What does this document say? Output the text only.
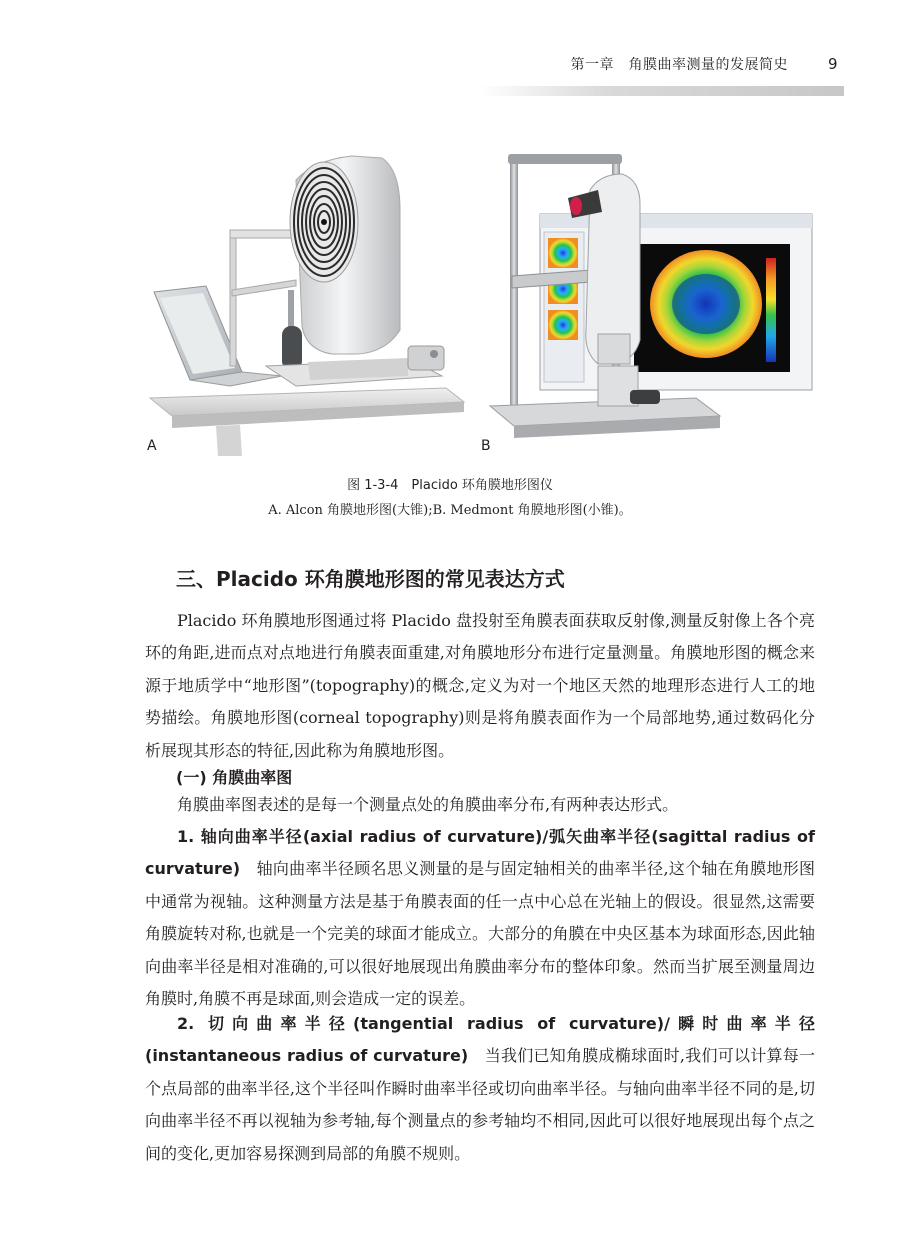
第一章　角膜曲率测量的发展简史	9
A	B
图 1-3-4　Placido 环角膜地形图仪
A. Alcon 角膜地形图(大锥);B. Medmont 角膜地形图(小锥)。
三、Placido 环角膜地形图的常见表达方式
Placido 环角膜地形图通过将 Placido 盘投射至角膜表面获取反射像,测量反射像上各个亮环的角距,进而点对点地进行角膜表面重建,对角膜地形分布进行定量测量。角膜地形图的概念来源于地质学中“地形图”(topography)的概念,定义为对一个地区天然的地理形态进行人工的地势描绘。角膜地形图(corneal topography)则是将角膜表面作为一个局部地势,通过数码化分析展现其形态的特征,因此称为角膜地形图。
(一) 角膜曲率图
角膜曲率图表述的是每一个测量点处的角膜曲率分布,有两种表达形式。
1. 轴向曲率半径(axial radius of curvature)/弧矢曲率半径(sagittal radius of curvature)　轴向曲率半径顾名思义测量的是与固定轴相关的曲率半径,这个轴在角膜地形图中通常为视轴。这种测量方法是基于角膜表面的任一点中心总在光轴上的假设。很显然,这需要角膜旋转对称,也就是一个完美的球面才能成立。大部分的角膜在中央区基本为球面形态,因此轴向曲率半径是相对准确的,可以很好地展现出角膜曲率分布的整体印象。然而当扩展至测量周边角膜时,角膜不再是球面,则会造成一定的误差。
2. 切向曲率半径(tangential radius of curvature)/瞬时曲率半径(instantaneous radius of curvature)　当我们已知角膜成椭球面时,我们可以计算每一个点局部的曲率半径,这个半径叫作瞬时曲率半径或切向曲率半径。与轴向曲率半径不同的是,切向曲率半径不再以视轴为参考轴,每个测量点的参考轴均不相同,因此可以很好地展现出每个点之间的变化,更加容易探测到局部的角膜不规则。
